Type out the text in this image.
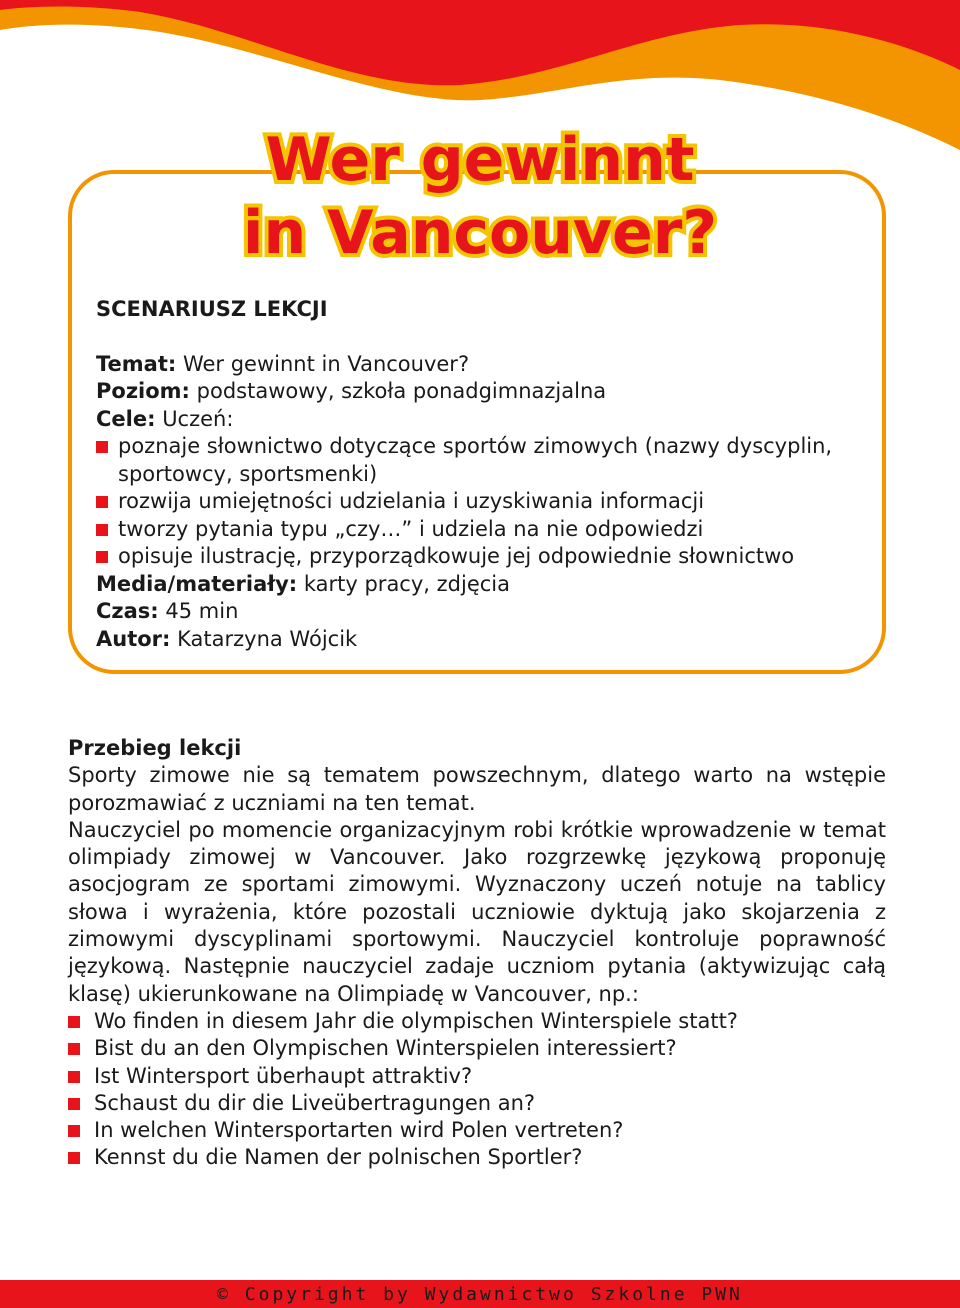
Wer gewinnt
in Vancouver?
SCENARIUSZ LEKCJI
Temat: Wer gewinnt in Vancouver?
Poziom: podstawowy, szkoła ponadgimnazjalna
Cele: Uczeń:
poznaje słownictwo dotyczące sportów zimowych (nazwy dyscyplin, sportowcy, sportsmenki)
rozwija umiejętności udzielania i uzyskiwania informacji
tworzy pytania typu „czy…” i udziela na nie odpowiedzi
opisuje ilustrację, przyporządkowuje jej odpowiednie słownictwo
Media/materiały: karty pracy, zdjęcia
Czas: 45 min
Autor: Katarzyna Wójcik
Przebieg lekcji
Sporty zimowe nie są tematem powszechnym, dlatego warto na wstępie porozmawiać z uczniami na ten temat.
Nauczyciel po momencie organizacyjnym robi krótkie wprowadzenie w temat olimpiady zimowej w Vancouver. Jako rozgrzewkę językową proponuję asocjogram ze sportami zimowymi. Wyznaczony uczeń notuje na tablicy słowa i wyrażenia, które pozostali uczniowie dyktują jako skojarzenia z zimowymi dyscyplinami sportowymi. Nauczyciel kontroluje poprawność językową. Następnie nauczyciel zadaje uczniom pytania (aktywizując całą klasę) ukierunkowane na Olimpiadę w Vancouver, np.:
Wo finden in diesem Jahr die olympischen Winterspiele statt?
Bist du an den Olympischen Winterspielen interessiert?
Ist Wintersport überhaupt attraktiv?
Schaust du dir die Liveübertragungen an?
In welchen Wintersportarten wird Polen vertreten?
Kennst du die Namen der polnischen Sportler?
© Copyright by Wydawnictwo Szkolne PWN
